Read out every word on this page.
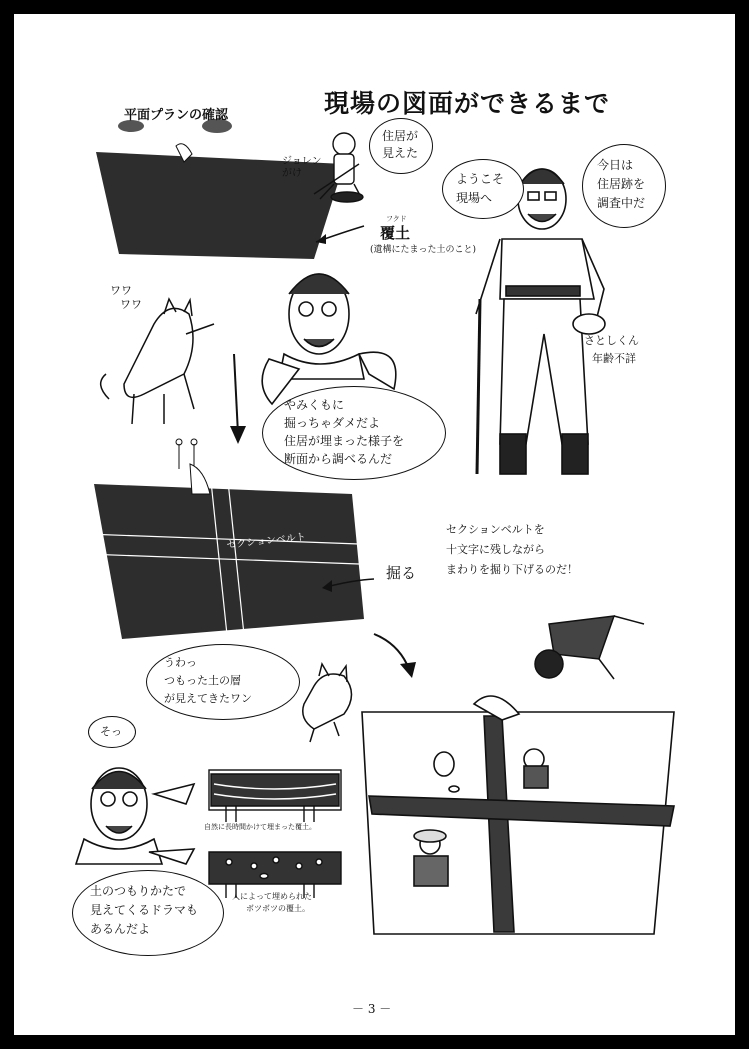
現場の図面ができるまで
平面プランの確認
ジョレン
がけ
住居が
見えた
ようこそ
現場へ
今日は
住居跡を
調査中だ
フクド
覆土
(遺構にたまった土のこと)
さとしくん
年齢不詳
ワワ
ワワ
やみくもに
掘っちゃダメだよ
住居が埋まった様子を
断面から調べるんだ
セクションベルト
掘る
セクションベルトを
十文字に残しながら
まわりを掘り下げるのだ！
うわっ
つもった土の層
が見えてきたワン
そっ
自然に長時間かけて埋まった覆土。
人によって埋められた
ボツボツの覆土。
土のつもりかたで
見えてくるドラマも
あるんだよ
－ 3 －
